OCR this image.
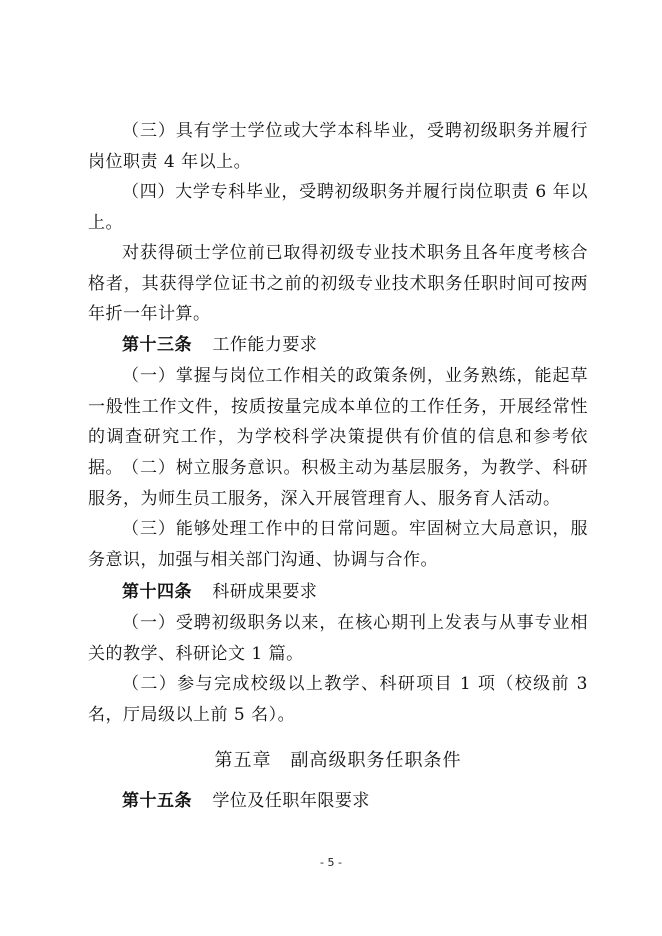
（三）具有学士学位或大学本科毕业，受聘初级职务并履行岗位职责 4 年以上。

（四）大学专科毕业，受聘初级职务并履行岗位职责 6 年以上。

对获得硕士学位前已取得初级专业技术职务且各年度考核合格者，其获得学位证书之前的初级专业技术职务任职时间可按两年折一年计算。

第十三条 工作能力要求

（一）掌握与岗位工作相关的政策条例，业务熟练，能起草一般性工作文件，按质按量完成本单位的工作任务，开展经常性的调查研究工作，为学校科学决策提供有价值的信息和参考依据。 （二）树立服务意识。积极主动为基层服务，为教学、科研服务，为师生员工服务，深入开展管理育人、服务育人活动。

（三）能够处理工作中的日常问题。牢固树立大局意识，服务意识，加强与相关部门沟通、协调与合作。

第十四条 科研成果要求

（一）受聘初级职务以来，在核心期刊上发表与从事专业相关的教学、科研论文 1 篇。

（二）参与完成校级以上教学、科研项目 1 项（校级前 3 名，厅局级以上前 5 名）。

第五章　副高级职务任职条件

第十五条 学位及任职年限要求

- 5 -
